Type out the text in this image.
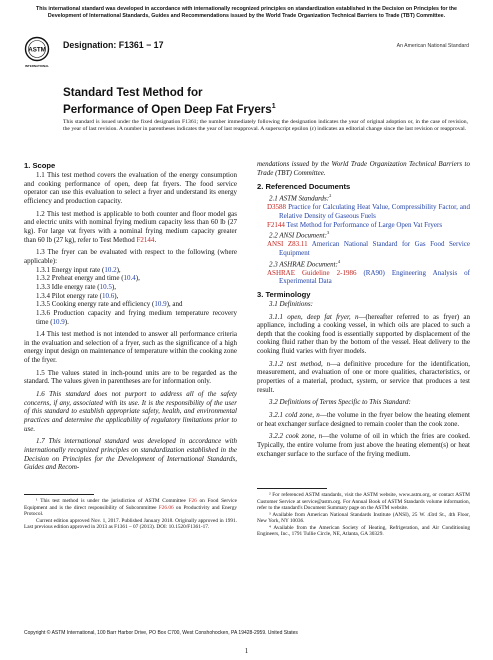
This international standard was developed in accordance with internationally recognized principles on standardization established in the Decision on Principles for the Development of International Standards, Guides and Recommendations issued by the World Trade Organization Technical Barriers to Trade (TBT) Committee.
ASTM
INTERNATIONAL
Designation: F1361 − 17	An American National Standard
Standard Test Method for
Performance of Open Deep Fat Fryers$^1$
This standard is issued under the fixed designation F1361; the number immediately following the designation indicates the year of original adoption or, in the case of revision, the year of last revision. A number in parentheses indicates the year of last reapproval. A superscript epsilon (ε) indicates an editorial change since the last revision or reapproval.
1. Scope

1.1 This test method covers the evaluation of the energy consumption and cooking performance of open, deep fat fryers. The food service operator can use this evaluation to select a fryer and understand its energy efficiency and production capacity.

1.2 This test method is applicable to both counter and floor model gas and electric units with nominal frying medium capacity less than 60 lb (27 kg). For large vat fryers with a nominal frying medium capacity greater than 60 lb (27 kg), refer to Test Method F2144.

1.3 The fryer can be evaluated with respect to the following (where applicable):

1.3.1 Energy input rate (10.2),

1.3.2 Preheat energy and time (10.4),

1.3.3 Idle energy rate (10.5),

1.3.4 Pilot energy rate (10.6),

1.3.5 Cooking energy rate and efficiency (10.9), and

1.3.6 Production capacity and frying medium temperature recovery time (10.9).

1.4 This test method is not intended to answer all performance criteria in the evaluation and selection of a fryer, such as the significance of a high energy input design on maintenance of temperature within the cooking zone of the fryer.

1.5 The values stated in inch-pound units are to be regarded as the standard. The values given in parentheses are for information only.

1.6 This standard does not purport to address all of the safety concerns, if any, associated with its use. It is the responsibility of the user of this standard to establish appropriate safety, health, and environmental practices and determine the applicability of regulatory limitations prior to use.

1.7 This international standard was developed in accordance with internationally recognized principles on standardization established in the Decision on Principles for the Development of International Standards, Guides and Recom-

¹ This test method is under the jurisdiction of ASTM Committee F26 on Food Service Equipment and is the direct responsibility of Subcommittee F26.06 on Productivity and Energy Protocol.

Current edition approved Nov. 1, 2017. Published January 2018. Originally approved in 1991. Last previous edition approved in 2013 as F1361 – 07 (2013). DOI: 10.1520/F1361-17.

mendations issued by the World Trade Organization Technical Barriers to Trade (TBT) Committee.

2. Referenced Documents

2.1 ASTM Standards:$^2$

D3588 Practice for Calculating Heat Value, Compressibility Factor, and Relative Density of Gaseous Fuels
F2144 Test Method for Performance of Large Open Vat Fryers

2.2 ANSI Document:$^3$

ANSI Z83.11 American National Standard for Gas Food Service Equipment

2.3 ASHRAE Document:$^4$

ASHRAE Guideline 2-1986 (RA90) Engineering Analysis of Experimental Data
3. Terminology

3.1 Definitions:

3.1.1 open, deep fat fryer, n—(hereafter referred to as fryer) an appliance, including a cooking vessel, in which oils are placed to such a depth that the cooking food is essentially supported by displacement of the cooking fluid rather than by the bottom of the vessel. Heat delivery to the cooking fluid varies with fryer models.

3.1.2 test method, n—a definitive procedure for the identification, measurement, and evaluation of one or more qualities, characteristics, or properties of a material, product, system, or service that produces a test result.

3.2 Definitions of Terms Specific to This Standard:

3.2.1 cold zone, n—the volume in the fryer below the heating element or heat exchanger surface designed to remain cooler than the cook zone.

3.2.2 cook zone, n—the volume of oil in which the fries are cooked. Typically, the entire volume from just above the heating element(s) or heat exchanger surface to the surface of the frying medium.

² For referenced ASTM standards, visit the ASTM website, www.astm.org, or contact ASTM Customer Service at service@astm.org. For Annual Book of ASTM Standards volume information, refer to the standard's Document Summary page on the ASTM website.

³ Available from American National Standards Institute (ANSI), 25 W. 43rd St., 4th Floor, New York, NY 10036.

⁴ Available from the American Society of Heating, Refrigeration, and Air Conditioning Engineers, Inc., 1791 Tullie Circle, NE, Atlanta, GA 30329.

Copyright © ASTM International, 100 Barr Harbor Drive, PO Box C700, West Conshohocken, PA 19428-2959. United States
1
